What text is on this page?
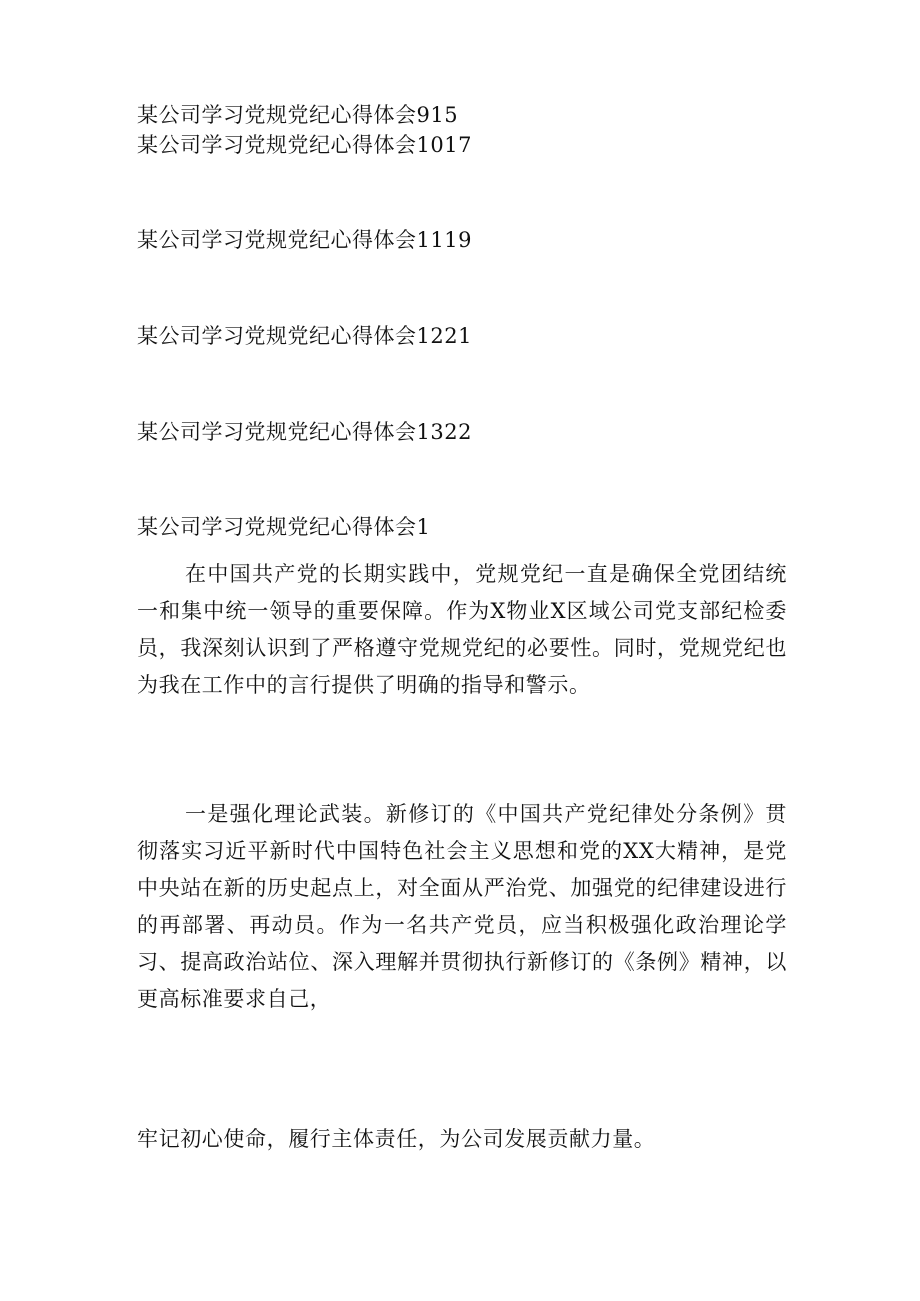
某公司学习党规党纪心得体会915
某公司学习党规党纪心得体会1017
某公司学习党规党纪心得体会1119
某公司学习党规党纪心得体会1221
某公司学习党规党纪心得体会1322
某公司学习党规党纪心得体会1

在中国共产党的长期实践中，党规党纪一直是确保全党团结统一和集中统一领导的重要保障。作为X物业X区域公司党支部纪检委员，我深刻认识到了严格遵守党规党纪的必要性。同时，党规党纪也为我在工作中的言行提供了明确的指导和警示。

一是强化理论武装。新修订的《中国共产党纪律处分条例》贯彻落实习近平新时代中国特色社会主义思想和党的XX大精神，是党中央站在新的历史起点上，对全面从严治党、加强党的纪律建设进行的再部署、再动员。作为一名共产党员，应当积极强化政治理论学习、提高政治站位、深入理解并贯彻执行新修订的《条例》精神，以更高标准要求自己，

牢记初心使命，履行主体责任，为公司发展贡献力量。
